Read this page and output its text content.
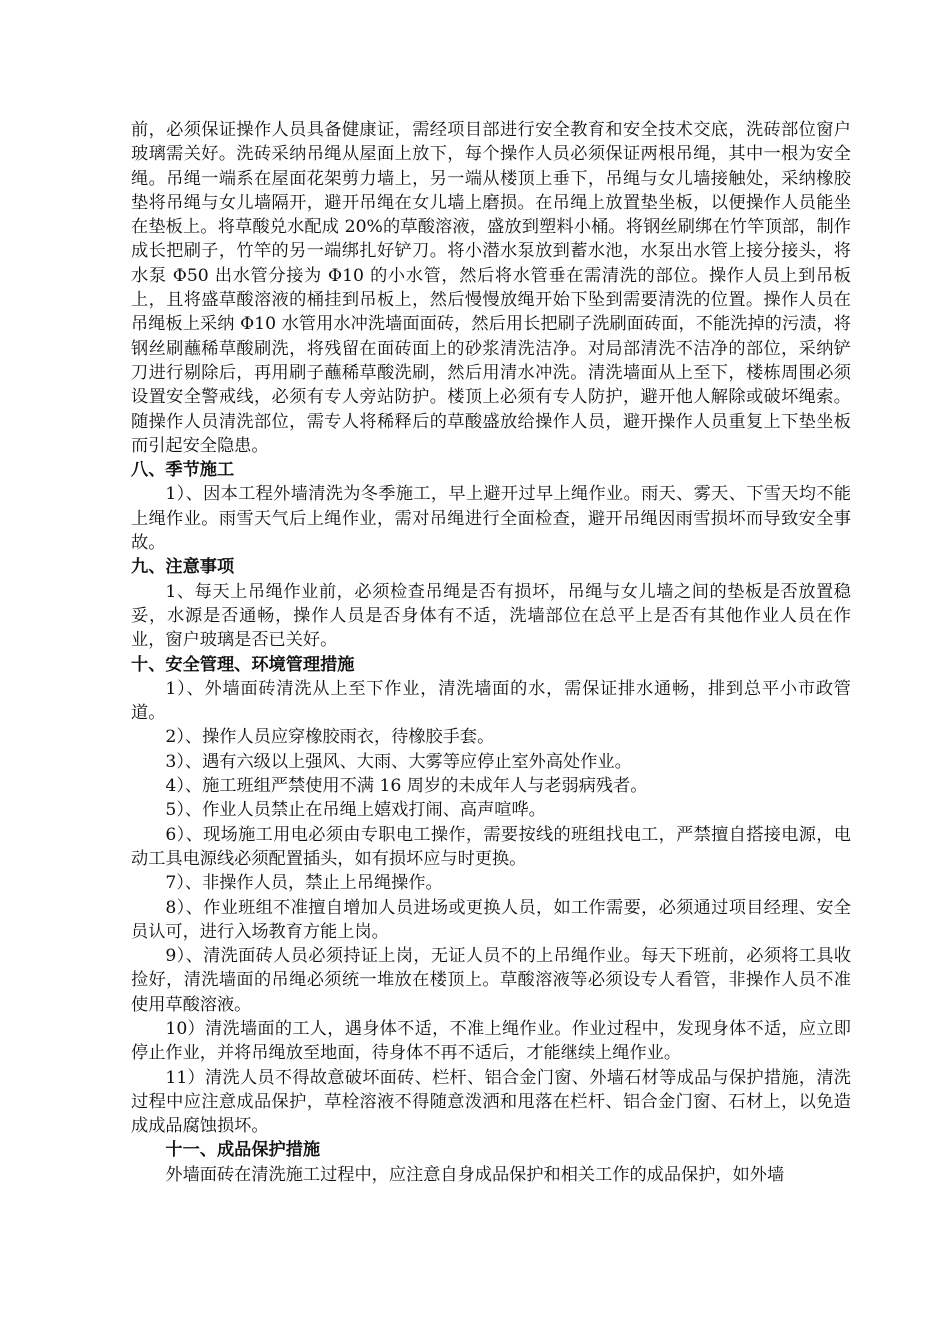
前，必须保证操作人员具备健康证，需经项目部进行安全教育和安全技术交底，洗砖部位窗户玻璃需关好。洗砖采纳吊绳从屋面上放下，每个操作人员必须保证两根吊绳，其中一根为安全绳。吊绳一端系在屋面花架剪力墙上，另一端从楼顶上垂下，吊绳与女儿墙接触处，采纳橡胶垫将吊绳与女儿墙隔开，避开吊绳在女儿墙上磨损。在吊绳上放置垫坐板，以便操作人员能坐在垫板上。将草酸兑水配成 20%的草酸溶液，盛放到塑料小桶。将钢丝刷绑在竹竿顶部，制作成长把刷子，竹竿的另一端绑扎好铲刀。将小潜水泵放到蓄水池，水泵出水管上接分接头，将水泵 Φ50 出水管分接为 Φ10 的小水管，然后将水管垂在需清洗的部位。操作人员上到吊板上，且将盛草酸溶液的桶挂到吊板上，然后慢慢放绳开始下坠到需要清洗的位置。操作人员在吊绳板上采纳 Φ10 水管用水冲洗墙面面砖，然后用长把刷子洗刷面砖面，不能洗掉的污渍，将钢丝刷蘸稀草酸刷洗，将残留在面砖面上的砂浆清洗洁净。对局部清洗不洁净的部位，采纳铲刀进行剔除后，再用刷子蘸稀草酸洗刷，然后用清水冲洗。清洗墙面从上至下，楼栋周围必须设置安全警戒线，必须有专人旁站防护。楼顶上必须有专人防护，避开他人解除或破坏绳索。随操作人员清洗部位，需专人将稀释后的草酸盛放给操作人员，避开操作人员重复上下垫坐板而引起安全隐患。

八、季节施工

1）、因本工程外墙清洗为冬季施工，早上避开过早上绳作业。雨天、雾天、下雪天均不能上绳作业。雨雪天气后上绳作业，需对吊绳进行全面检查，避开吊绳因雨雪损坏而导致安全事故。

九、注意事项

1、每天上吊绳作业前，必须检查吊绳是否有损坏，吊绳与女儿墙之间的垫板是否放置稳妥，水源是否通畅，操作人员是否身体有不适，洗墙部位在总平上是否有其他作业人员在作业，窗户玻璃是否已关好。

十、安全管理、环境管理措施

1）、外墙面砖清洗从上至下作业，清洗墙面的水，需保证排水通畅，排到总平小市政管道。

2）、操作人员应穿橡胶雨衣，待橡胶手套。

3）、遇有六级以上强风、大雨、大雾等应停止室外高处作业。

4）、施工班组严禁使用不满 16 周岁的未成年人与老弱病残者。

5）、作业人员禁止在吊绳上嬉戏打闹、高声喧哗。

6）、现场施工用电必须由专职电工操作，需要按线的班组找电工，严禁擅自搭接电源，电动工具电源线必须配置插头，如有损坏应与时更换。

7）、非操作人员，禁止上吊绳操作。

8）、作业班组不准擅自增加人员进场或更换人员，如工作需要，必须通过项目经理、安全员认可，进行入场教育方能上岗。

9）、清洗面砖人员必须持证上岗，无证人员不的上吊绳作业。每天下班前，必须将工具收捡好，清洗墙面的吊绳必须统一堆放在楼顶上。草酸溶液等必须设专人看管，非操作人员不准使用草酸溶液。

10）清洗墙面的工人，遇身体不适，不准上绳作业。作业过程中，发现身体不适，应立即停止作业，并将吊绳放至地面，待身体不再不适后，才能继续上绳作业。

11）清洗人员不得故意破坏面砖、栏杆、铝合金门窗、外墙石材等成品与保护措施，清洗过程中应注意成品保护，草栓溶液不得随意泼洒和甩落在栏杆、铝合金门窗、石材上，以免造成成品腐蚀损坏。

十一、成品保护措施

外墙面砖在清洗施工过程中，应注意自身成品保护和相关工作的成品保护，如外墙
